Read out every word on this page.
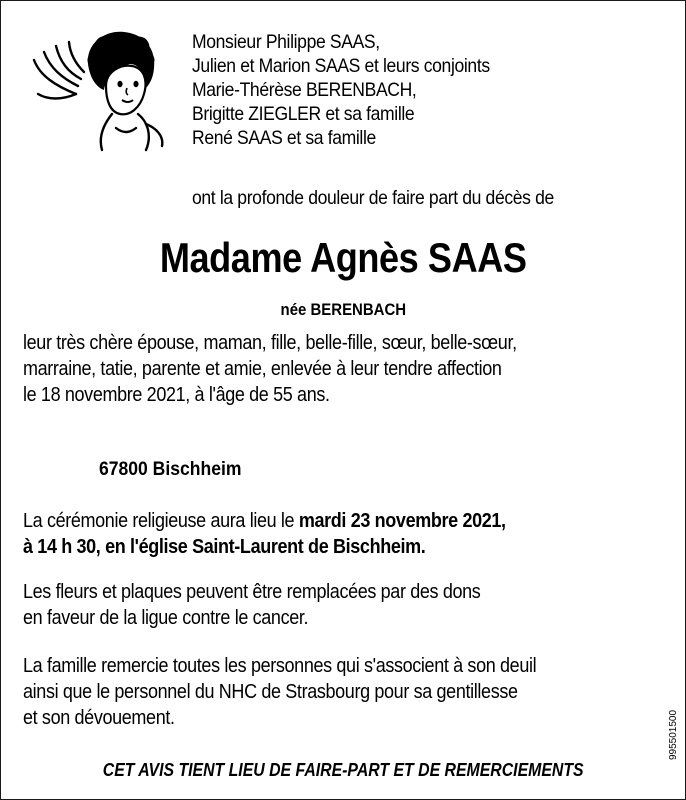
Monsieur Philippe SAAS,
Julien et Marion SAAS et leurs conjoints
Marie-Thérèse BERENBACH,
Brigitte ZIEGLER et sa famille
René SAAS et sa famille
ont la profonde douleur de faire part du décès de
Madame Agnès SAAS
née BERENBACH
leur très chère épouse, maman, fille, belle-fille, sœur, belle-sœur,
marraine, tatie, parente et amie, enlevée à leur tendre affection
le 18 novembre 2021, à l'âge de 55 ans.
67800 Bischheim
La cérémonie religieuse aura lieu le mardi 23 novembre 2021,
à 14 h 30, en l'église Saint-Laurent de Bischheim.
Les fleurs et plaques peuvent être remplacées par des dons
en faveur de la ligue contre le cancer.
La famille remercie toutes les personnes qui s'associent à son deuil
ainsi que le personnel du NHC de Strasbourg pour sa gentillesse
et son dévouement.
CET AVIS TIENT LIEU DE FAIRE-PART ET DE REMERCIEMENTS
995501500
